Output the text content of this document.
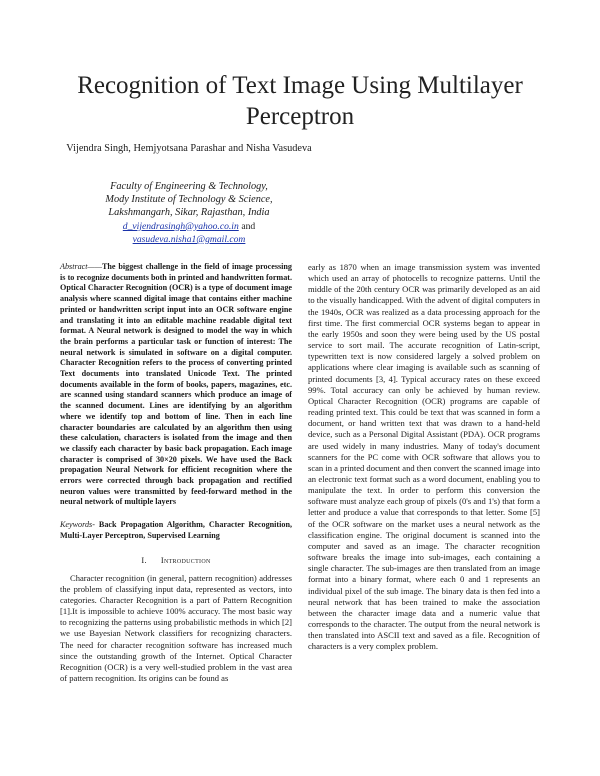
Recognition of Text Image Using Multilayer Perceptron
Vijendra Singh, Hemjyotsana Parashar and Nisha Vasudeva
Faculty of Engineering & Technology,
Mody Institute of Technology & Science,
Lakshmangarh, Sikar, Rajasthan, India
d_vijendrasingh@yahoo.co.in and
vasudeva.nisha1@gmail.com

Abstract——The biggest challenge in the field of image processing is to recognize documents both in printed and handwritten format. Optical Character Recognition (OCR) is a type of document image analysis where scanned digital image that contains either machine printed or handwritten script input into an OCR software engine and translating it into an editable machine readable digital text format. A Neural network is designed to model the way in which the brain performs a particular task or function of interest: The neural network is simulated in software on a digital computer. Character Recognition refers to the process of converting printed Text documents into translated Unicode Text. The printed documents available in the form of books, papers, magazines, etc. are scanned using standard scanners which produce an image of the scanned document. Lines are identifying by an algorithm where we identify top and bottom of line. Then in each line character boundaries are calculated by an algorithm then using these calculation, characters is isolated from the image and then we classify each character by basic back propagation. Each image character is comprised of 30×20 pixels. We have used the Back propagation Neural Network for efficient recognition where the errors were corrected through back propagation and rectified neuron values were transmitted by feed-forward method in the neural network of multiple layers

Keywords- Back Propagation Algorithm, Character Recognition, Multi-Layer Perceptron, Supervised Learning

I. Introduction

Character recognition (in general, pattern recognition) addresses the problem of classifying input data, represented as vectors, into categories. Character Recognition is a part of Pattern Recognition [1].It is impossible to achieve 100% accuracy. The most basic way to recognizing the patterns using probabilistic methods in which [2] we use Bayesian Network classifiers for recognizing characters. The need for character recognition software has increased much since the outstanding growth of the Internet. Optical Character Recognition (OCR) is a very well-studied problem in the vast area of pattern recognition. Its origins can be found as

early as 1870 when an image transmission system was invented which used an array of photocells to recognize patterns. Until the middle of the 20th century OCR was primarily developed as an aid to the visually handicapped. With the advent of digital computers in the 1940s, OCR was realized as a data processing approach for the first time. The first commercial OCR systems began to appear in the early 1950s and soon they were being used by the US postal service to sort mail. The accurate recognition of Latin-script, typewritten text is now considered largely a solved problem on applications where clear imaging is available such as scanning of printed documents [3, 4]. Typical accuracy rates on these exceed 99%. Total accuracy can only be achieved by human review. Optical Character Recognition (OCR) programs are capable of reading printed text. This could be text that was scanned in form a document, or hand written text that was drawn to a hand-held device, such as a Personal Digital Assistant (PDA). OCR programs are used widely in many industries. Many of today's document scanners for the PC come with OCR software that allows you to scan in a printed document and then convert the scanned image into an electronic text format such as a word document, enabling you to manipulate the text. In order to perform this conversion the software must analyze each group of pixels (0's and 1's) that form a letter and produce a value that corresponds to that letter. Some [5] of the OCR software on the market uses a neural network as the classification engine. The original document is scanned into the computer and saved as an image. The character recognition software breaks the image into sub-images, each containing a single character. The sub-images are then translated from an image format into a binary format, where each 0 and 1 represents an individual pixel of the sub image. The binary data is then fed into a neural network that has been trained to make the association between the character image data and a numeric value that corresponds to the character. The output from the neural network is then translated into ASCII text and saved as a file. Recognition of characters is a very complex problem.
